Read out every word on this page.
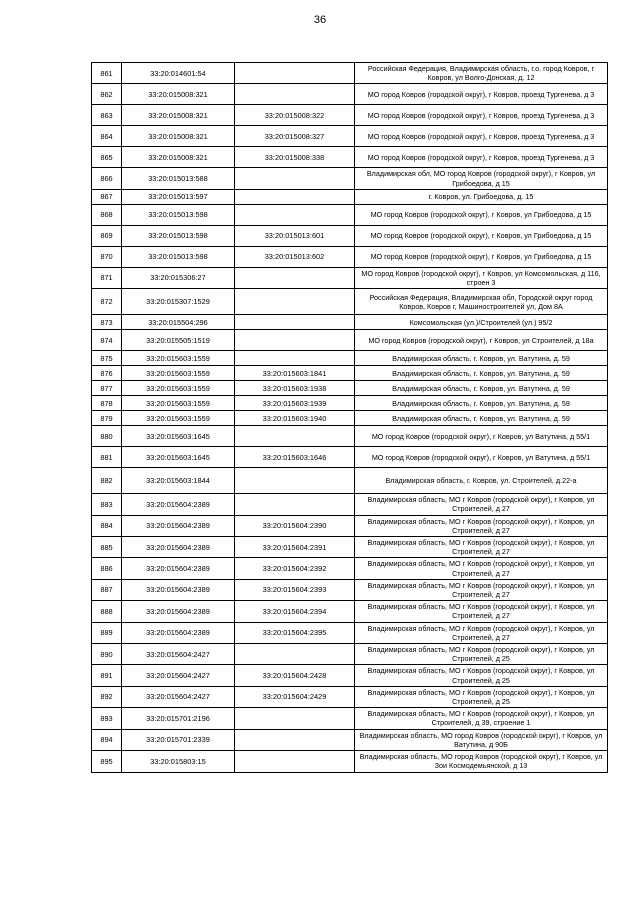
36
861	33:20:014601:54		Российская Федерация, Владимирская область, г.о. город Ковров, г Ковров, ул Волго-Донская, д. 12
862	33:20:015008:321		МО город Ковров (городской округ), г Ковров, проезд Тургенева, д 3
863	33:20:015008:321	33:20:015008:322	МО город Ковров (городской округ), г Ковров, проезд Тургенева, д 3
864	33:20:015008:321	33:20:015008:327	МО город Ковров (городской округ), г Ковров, проезд Тургенева, д 3
865	33:20:015008:321	33:20:015008:338	МО город Ковров (городской округ), г Ковров, проезд Тургенева, д 3
866	33:20:015013:588		Владимирская обл, МО город Ковров (городской округ), г Ковров, ул Грибоедова, д 15
867	33:20:015013:597		г. Ковров, ул. Грибоедова, д. 15
868	33:20:015013:598		МО город Ковров (городской округ), г Ковров, ул Грибоедова, д 15
869	33:20:015013:598	33:20:015013:601	МО город Ковров (городской округ), г Ковров, ул Грибоедова, д 15
870	33:20:015013:598	33:20:015013:602	МО город Ковров (городской округ), г Ковров, ул Грибоедова, д 15
871	33:20:015306:27		МО город Ковров (городской округ), г Ковров, ул Комсомольская, д 116, строен 3
872	33:20:015307:1529		Российская Федерация, Владимирская обл, Городской округ город Ковров, Ковров г, Машиностроителей ул, Дом 8А
873	33:20:015504:296		Комсомольская (ул.)/Строителей (ул.) 95/2
874	33:20:015505:1519		МО город Ковров (городской округ), г Ковров, ул Строителей, д 18а
875	33:20:015603:1559		Владимирская область, г. Ковров, ул. Ватутина, д. 59
876	33:20:015603:1559	33:20:015603:1841	Владимирская область, г. Ковров, ул. Ватутина, д. 59
877	33:20:015603:1559	33:20:015603:1938	Владимирская область, г. Ковров, ул. Ватутина, д. 59
878	33:20:015603:1559	33:20:015603:1939	Владимирская область, г. Ковров, ул. Ватутина, д. 59
879	33:20:015603:1559	33:20:015603:1940	Владимирская область, г. Ковров, ул. Ватутина, д. 59
880	33:20:015603:1645		МО город Ковров (городской округ), г Ковров, ул Ватутина, д 55/1
881	33:20:015603:1645	33:20:015603:1646	МО город Ковров (городской округ), г Ковров, ул Ватутина, д 55/1
882	33:20:015603:1844		Владимирская область, г. Ковров, ул. Строителей, д.22-а
883	33:20:015604:2389		Владимирская область, МО г Ковров (городской округ), г Ковров, ул Строителей, д 27
884	33:20:015604:2389	33:20:015604:2390	Владимирская область, МО г Ковров (городской округ), г Ковров, ул Строителей, д 27
885	33:20:015604:2389	33:20:015604:2391	Владимирская область, МО г Ковров (городской округ), г Ковров, ул Строителей, д 27
886	33:20:015604:2389	33:20:015604:2392	Владимирская область, МО г Ковров (городской округ), г Ковров, ул Строителей, д 27
887	33:20:015604:2389	33:20:015604:2393	Владимирская область, МО г Ковров (городской округ), г Ковров, ул Строителей, д 27
888	33:20:015604:2389	33:20:015604:2394	Владимирская область, МО г Ковров (городской округ), г Ковров, ул Строителей, д 27
889	33:20:015604:2389	33:20:015604:2395	Владимирская область, МО г Ковров (городской округ), г Ковров, ул Строителей, д 27
890	33:20:015604:2427		Владимирская область, МО г Ковров (городской округ), г Ковров, ул Строителей, д 25
891	33:20:015604:2427	33:20:015604:2428	Владимирская область, МО г Ковров (городской округ), г Ковров, ул Строителей, д 25
892	33:20:015604:2427	33:20:015604:2429	Владимирская область, МО г Ковров (городской округ), г Ковров, ул Строителей, д 25
893	33:20:015701:2196		Владимирская область, МО г Ковров (городской округ), г Ковров, ул Строителей, д 39, строение 1
894	33:20:015701:2339		Владимирская область, МО город Ковров (городской округ), г Ковров, ул Ватутина, д 90Б
895	33:20:015803:15		Владимирская область, МО город Ковров (городской округ), г Ковров, ул Зои Космодемьянской, д 13
